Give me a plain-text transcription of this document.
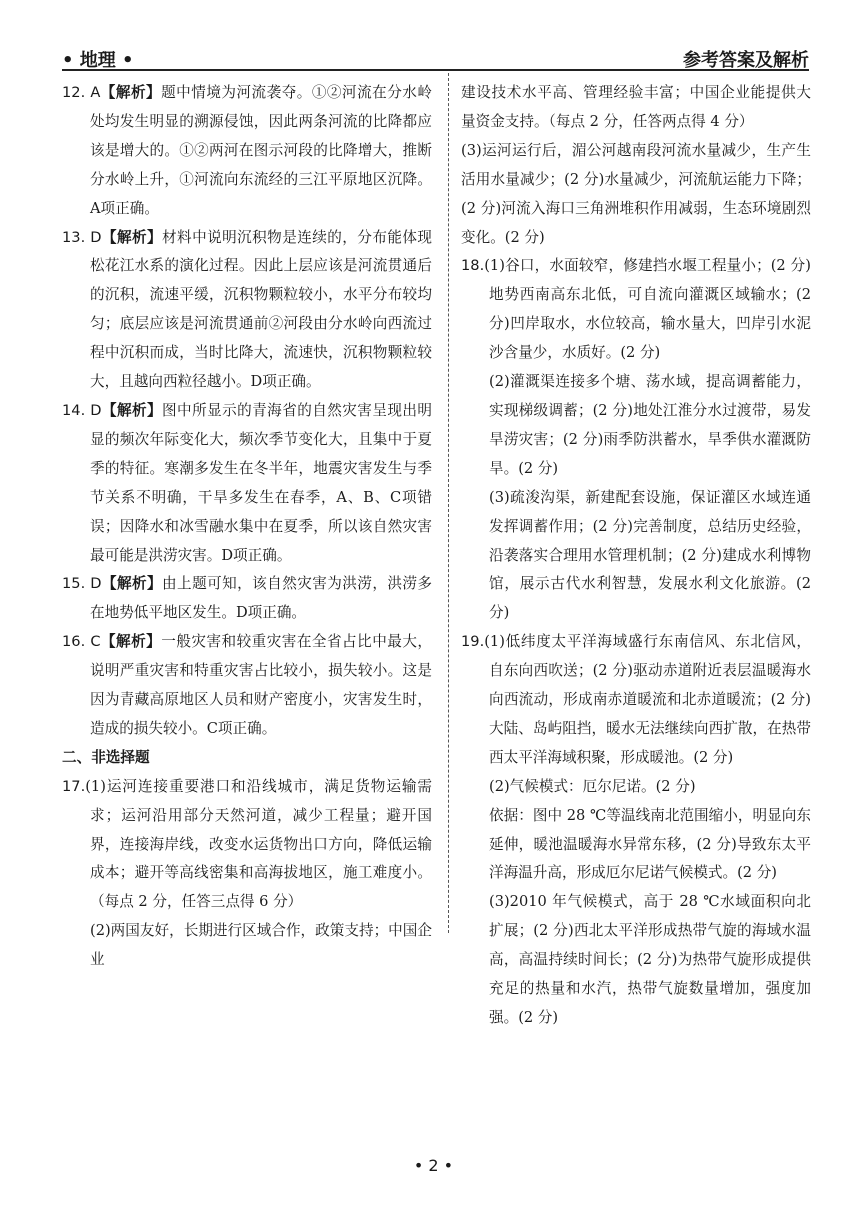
• 地理 •	参考答案及解析

12. A【解析】题中情境为河流袭夺。①②河流在分水岭处均发生明显的溯源侵蚀，因此两条河流的比降都应该是增大的。①②两河在图示河段的比降增大，推断分水岭上升，①河流向东流经的三江平原地区沉降。A项正确。

13. D【解析】材料中说明沉积物是连续的，分布能体现松花江水系的演化过程。因此上层应该是河流贯通后的沉积，流速平缓，沉积物颗粒较小，水平分布较均匀；底层应该是河流贯通前②河段由分水岭向西流过程中沉积而成，当时比降大，流速快，沉积物颗粒较大，且越向西粒径越小。D项正确。

14. D【解析】图中所显示的青海省的自然灾害呈现出明显的频次年际变化大，频次季节变化大，且集中于夏季的特征。寒潮多发生在冬半年，地震灾害发生与季节关系不明确，干旱多发生在春季，A、B、C项错误；因降水和冰雪融水集中在夏季，所以该自然灾害最可能是洪涝灾害。D项正确。

15. D【解析】由上题可知，该自然灾害为洪涝，洪涝多在地势低平地区发生。D项正确。

16. C【解析】一般灾害和较重灾害在全省占比中最大，说明严重灾害和特重灾害占比较小，损失较小。这是因为青藏高原地区人员和财产密度小，灾害发生时，造成的损失较小。C项正确。

二、非选择题

17.(1)运河连接重要港口和沿线城市，满足货物运输需求；运河沿用部分天然河道，减少工程量；避开国界，连接海岸线，改变水运货物出口方向，降低运输成本；避开等高线密集和高海拔地区，施工难度小。（每点 2 分，任答三点得 6 分）

(2)两国友好，长期进行区域合作，政策支持；中国企业

建设技术水平高、管理经验丰富；中国企业能提供大量资金支持。（每点 2 分，任答两点得 4 分）

(3)运河运行后，湄公河越南段河流水量减少，生产生活用水量减少；(2 分)水量减少，河流航运能力下降；(2 分)河流入海口三角洲堆积作用减弱，生态环境剧烈变化。(2 分)

18.(1)谷口，水面较窄，修建挡水堰工程量小；(2 分)地势西南高东北低，可自流向灌溉区域输水；(2 分)凹岸取水，水位较高，输水量大，凹岸引水泥沙含量少，水质好。(2 分)

(2)灌溉渠连接多个塘、荡水域，提高调蓄能力，实现梯级调蓄；(2 分)地处江淮分水过渡带，易发旱涝灾害；(2 分)雨季防洪蓄水，旱季供水灌溉防旱。(2 分)

(3)疏浚沟渠，新建配套设施，保证灌区水域连通发挥调蓄作用；(2 分)完善制度，总结历史经验，沿袭落实合理用水管理机制；(2 分)建成水利博物馆，展示古代水利智慧，发展水利文化旅游。(2 分)

19.(1)低纬度太平洋海域盛行东南信风、东北信风，自东向西吹送；(2 分)驱动赤道附近表层温暖海水向西流动，形成南赤道暖流和北赤道暖流；(2 分)大陆、岛屿阻挡，暖水无法继续向西扩散，在热带西太平洋海域积聚，形成暖池。(2 分)

(2)气候模式：厄尔尼诺。(2 分)

依据：图中 28 ℃等温线南北范围缩小，明显向东延伸，暖池温暖海水异常东移，(2 分)导致东太平洋海温升高，形成厄尔尼诺气候模式。(2 分)

(3)2010 年气候模式，高于 28 ℃水域面积向北扩展；(2 分)西北太平洋形成热带气旋的海域水温高，高温持续时间长；(2 分)为热带气旋形成提供充足的热量和水汽，热带气旋数量增加，强度加强。(2 分)

• 2 •
